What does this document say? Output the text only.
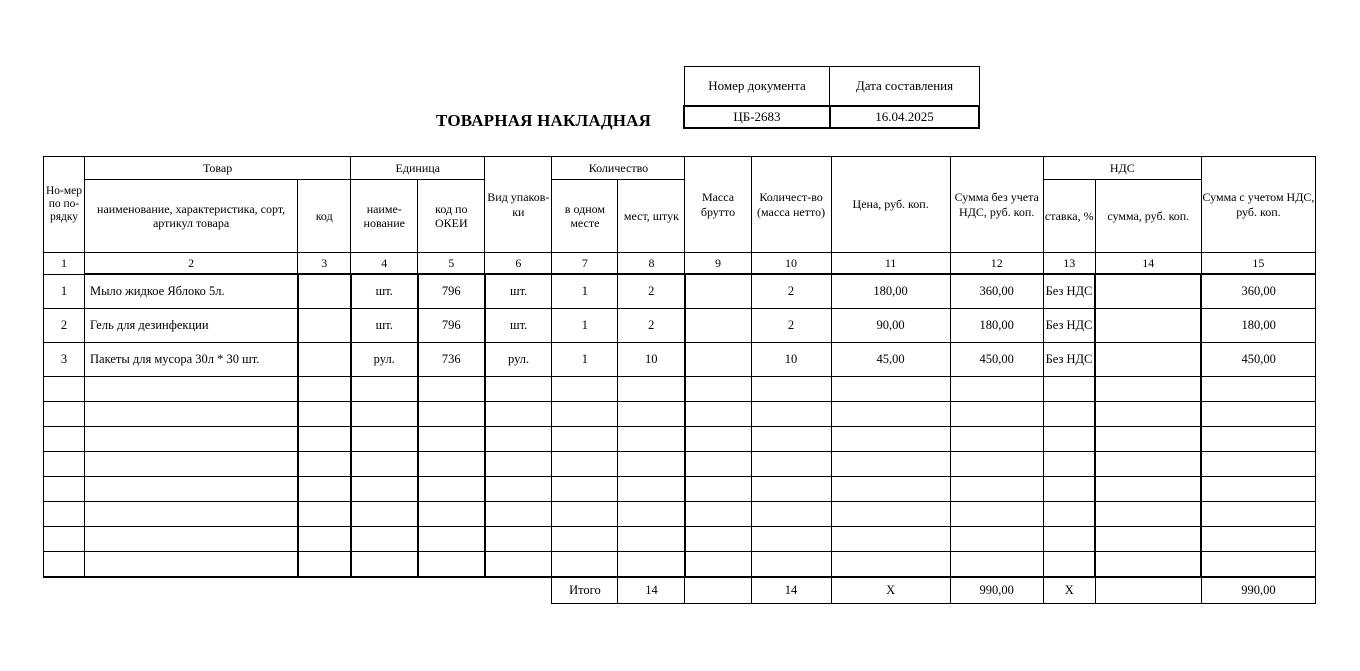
ТОВАРНАЯ НАКЛАДНАЯ
Номер документа	Дата составления
ЦБ-2683	16.04.2025
Но-мер по по-рядку	Товар		Единица		Вид упаков-ки	Количество		Масса брутто	Количест-во (масса нетто)	Цена, руб. коп.	Сумма без учета НДС, руб. коп.	НДС		Сумма с учетом НДС, руб. коп.
	наименование, характеристика, сорт, артикул товара	код	наиме-нование	код по ОКЕИ		в одном месте	мест, штук					ставка, %	сумма, руб. коп.	
1	2	3	4	5	6	7	8	9	10	11	12	13	14	15
1	Мыло жидкое Яблоко 5л.		шт.	796	шт.	1	2		2	180,00	360,00	Без НДС		360,00
2	Гель для дезинфекции		шт.	796	шт.	1	2		2	90,00	180,00	Без НДС		180,00
3	Пакеты для мусора 30л * 30 шт.		рул.	736	рул.	1	10		10	45,00	450,00	Без НДС		450,00

						Итого	14		14	X	990,00	X		990,00
